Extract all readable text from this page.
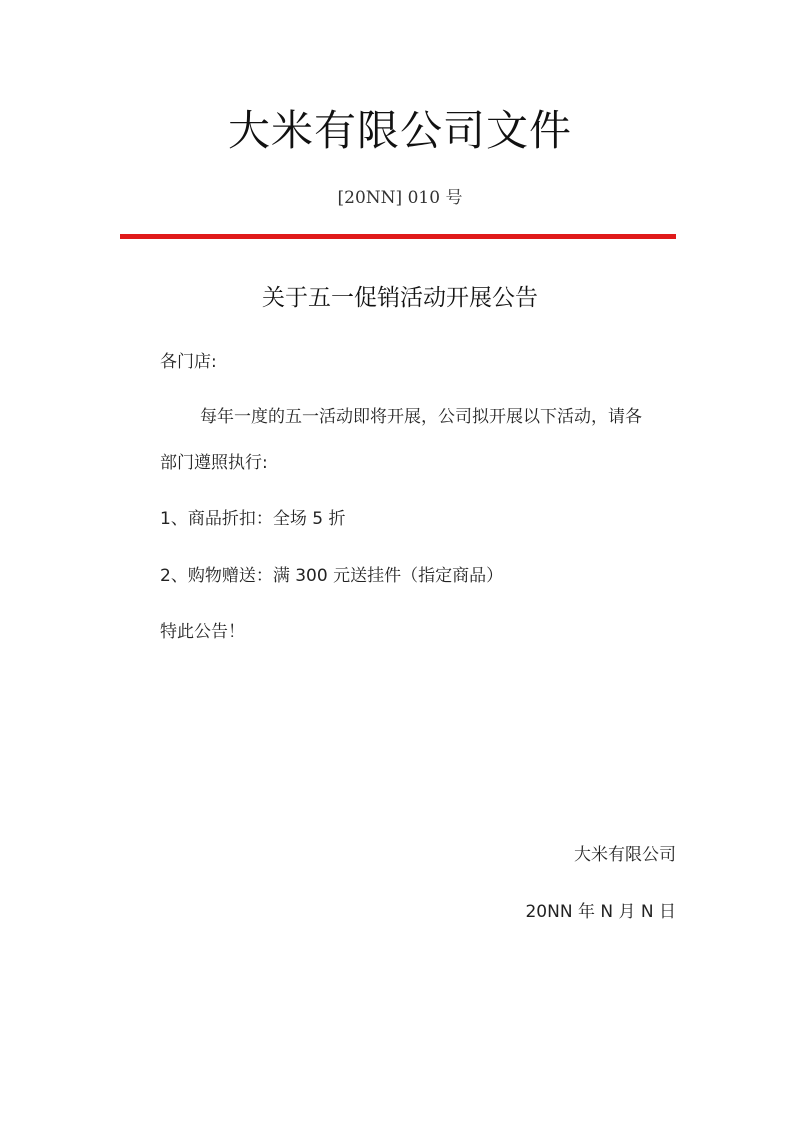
大米有限公司文件
[20NN] 010 号
关于五一促销活动开展公告
各门店:
每年一度的五一活动即将开展，公司拟开展以下活动，请各
部门遵照执行:
1、商品折扣：全场 5 折
2、购物赠送：满 300 元送挂件（指定商品）
特此公告！
大米有限公司
20NN 年 N 月 N 日
